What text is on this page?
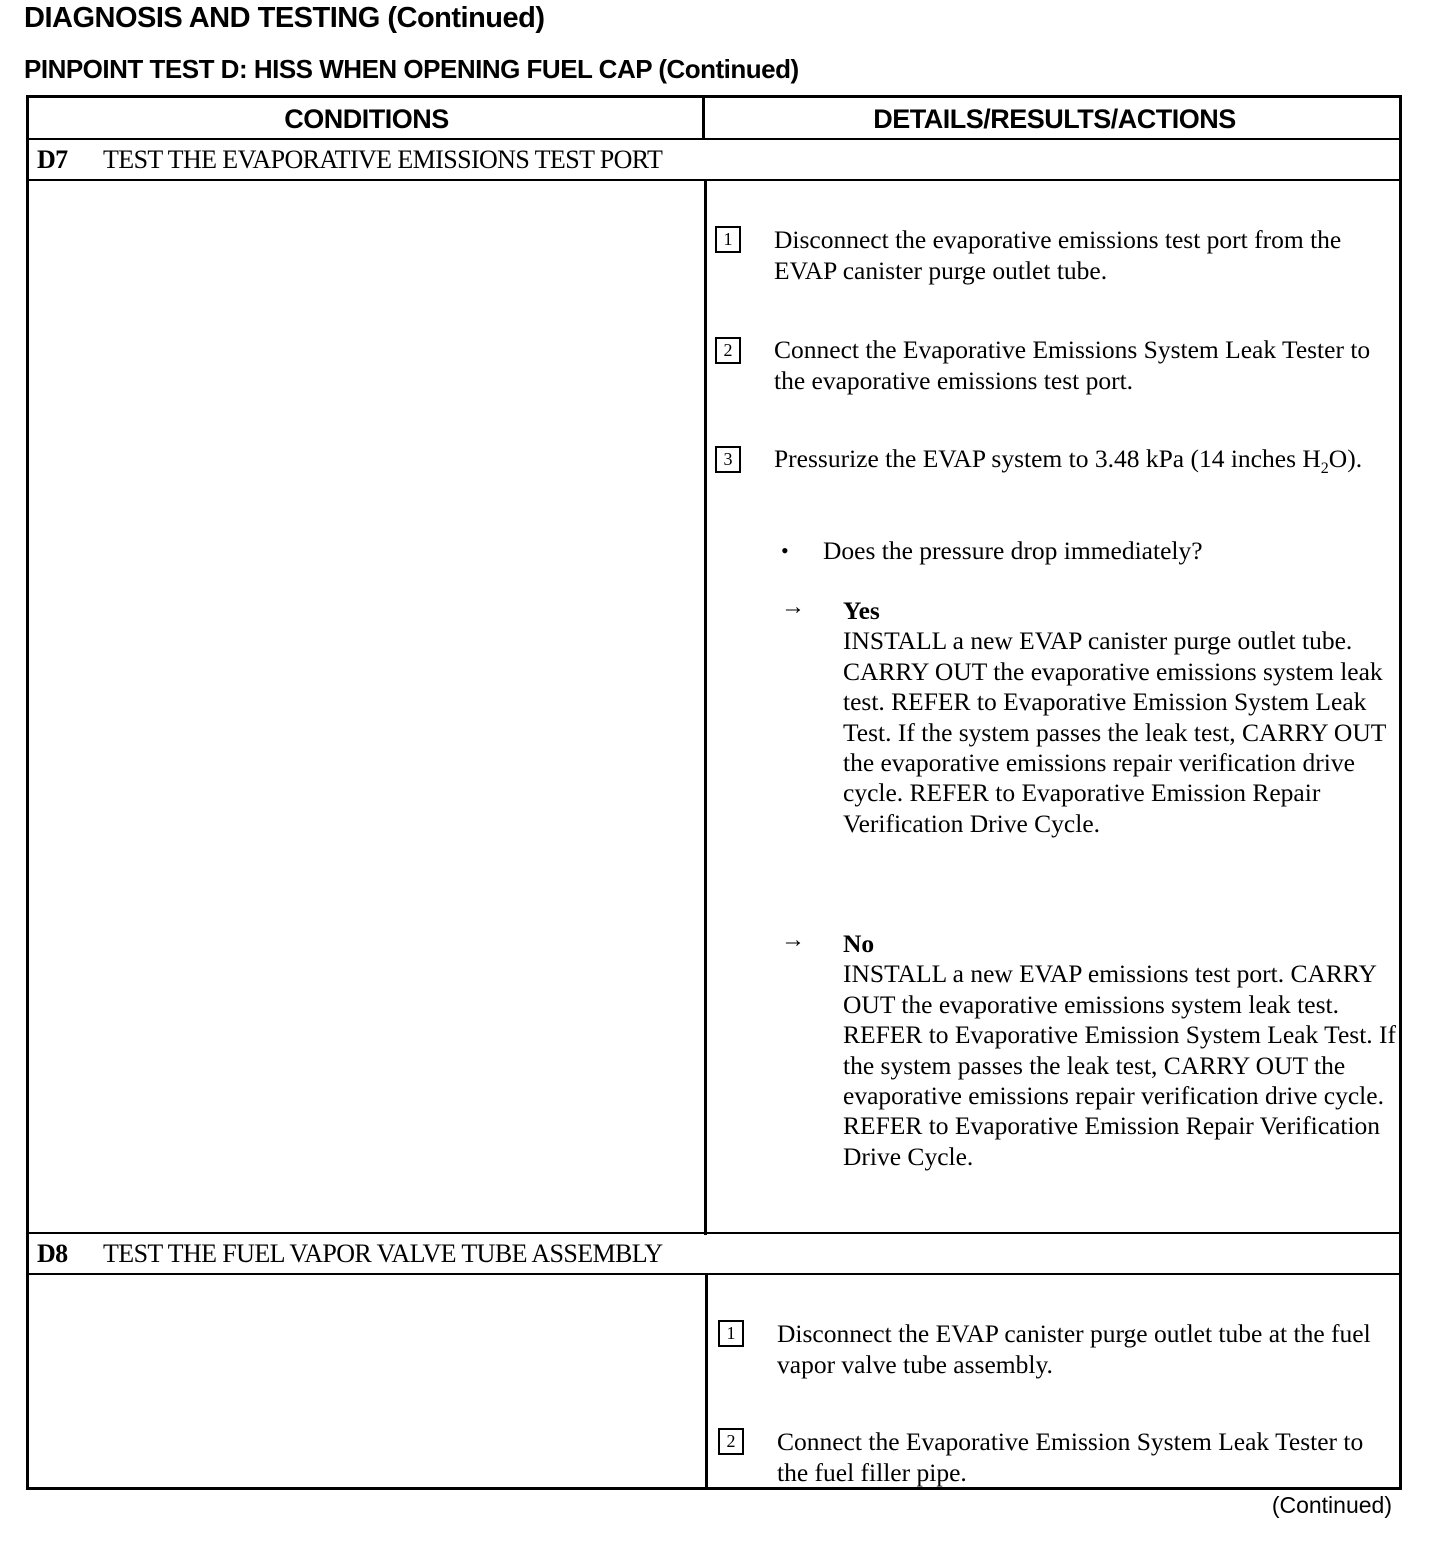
DIAGNOSIS AND TESTING (Continued)
PINPOINT TEST D: HISS WHEN OPENING FUEL CAP (Continued)
CONDITIONS	DETAILS/RESULTS/ACTIONS
D7 TEST THE EVAPORATIVE EMISSIONS TEST PORT
1	Disconnect the evaporative emissions test port from the EVAP canister purge outlet tube.
2	Connect the Evaporative Emissions System Leak Tester to the evaporative emissions test port.
3	Pressurize the EVAP system to 3.48 kPa (14 inches $H_2O$).
• Does the pressure drop immediately?
→ Yes
INSTALL a new EVAP canister purge outlet tube. CARRY OUT the evaporative emissions system leak test. REFER to Evaporative Emission System Leak Test. If the system passes the leak test, CARRY OUT the evaporative emissions repair verification drive cycle. REFER to Evaporative Emission Repair Verification Drive Cycle.
→ No
INSTALL a new EVAP emissions test port. CARRY OUT the evaporative emissions system leak test. REFER to Evaporative Emission System Leak Test. If the system passes the leak test, CARRY OUT the evaporative emissions repair verification drive cycle. REFER to Evaporative Emission Repair Verification Drive Cycle.
D8 TEST THE FUEL VAPOR VALVE TUBE ASSEMBLY
1	Disconnect the EVAP canister purge outlet tube at the fuel vapor valve tube assembly.
2	Connect the Evaporative Emission System Leak Tester to the fuel filler pipe.
(Continued)
